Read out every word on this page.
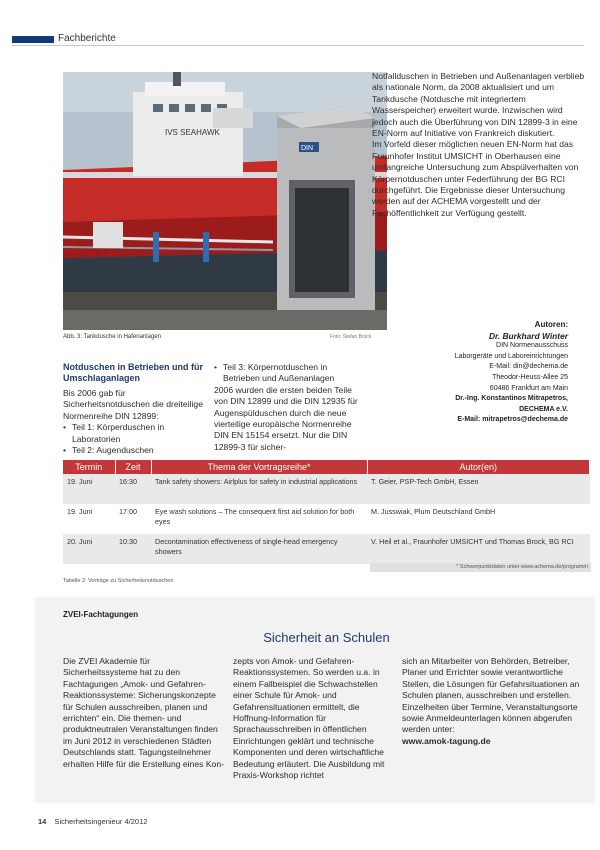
Fachberichte
IVS SEAHAWK
DIN
Abb. 3: Tankdusche in Hafenanlagen	Foto: Stefan Brück

Notfallduschen in Betrieben und Außenanlagen verblieb als nationale Norm, da 2008 aktualisiert und um Tankdusche (Notdusche mit integriertem Wasserspeicher) erweitert wurde. Inzwischen wird jedoch auch die Überführung von DIN 12899-3 in eine EN-Norm auf Initiative von Frankreich diskutiert.

Im Vorfeld dieser möglichen neuen EN-Norm hat das Fraunhofer Institut UMSICHT in Oberhausen eine umfangreiche Untersuchung zum Abspülverhalten von Körpernotduschen unter Federführung der BG RCI durchgeführt. Die Ergebnisse dieser Untersuchung werden auf der ACHEMA vorgestellt und der Fachöffentlichkeit zur Verfügung gestellt.

Autoren:
Dr. Burkhard Winter
DIN Normenausschuss
Laborgeräte und Laboreinrichtungen
E-Mail: din@dechema.de
Theodor-Heuss-Allee 25
60486 Frankfurt am Main
Dr.-Ing. Konstantinos Mitrapetros,
DECHEMA e.V.
E-Mail: mitrapetros@dechema.de
Notduschen in Betrieben und für Umschlaganlagen

Bis 2006 gab für Sicherheitsnotduschen die dreiteilige Normenreihe DIN 12899:

• Teil 1: Körperduschen in Laboratorien
• Teil 2: Augenduschen
• Teil 3: Körpernotduschen in Betrieben und Außenanlagen

2006 wurden die ersten beiden Teile von DIN 12899 und die DIN 12935 für Augenspülduschen durch die neue vierteilige europäische Normenreihe DIN EN 15154 ersetzt. Nur die DIN 12899-3 für sicher-

Termin	Zeit	Thema der Vortragsreihe*	Autor(en)
19. Juni	16:30	Tank safety showers: Airlplus for safety in industrial applications	T. Geier, PSP-Tech GmbH, Essen
19. Juni	17:00	Eye wash solutions – The consequent first aid solution for both eyes	M. Jusswiak, Plum Deutschland GmbH
20. Juni	10:30	Decontamination effectiveness of single-head emergency showers	V. Heil et al., Fraunhofer UMSICHT und Thomas Brock, BG RCI
* Schwerpunktdaten unter www.achema.de/programm
Tabelle 2: Vorträge zu Sicherheitsnotduschen
ZVEI-Fachtagungen
Sicherheit an Schulen

Die ZVEI Akademie für Sicherheitssysteme hat zu den Fachtagungen „Amok- und Gefahren-Reaktionssysteme: Sicherungskonzepte für Schulen ausschreiben, planen und errichten“ ein. Die themen- und produktneutralen Veranstaltungen finden im Juni 2012 in verschiedenen Städten Deutschlands statt. Tagungsteilnehmer erhalten Hilfe für die Erstellung eines Kon-

zepts von Amok- und Gefahren-Reaktionssystemen. So werden u.a. in einem Fallbeispiel die Schwachstellen einer Schule für Amok- und Gefahrensituationen ermittelt, die Hoffnung-Information für Sprachausschreiben in öffentlichen Einrichtungen geklärt und technische Komponenten und deren wirtschaftliche Bedeutung erläutert. Die Ausbildung mit Praxis-Workshop richtet

sich an Mitarbeiter von Behörden, Betreiber, Planer und Errichter sowie verantwortliche Stellen, die Lösungen für Gefahrsituationen an Schulen planen, ausschreiben und erstellen. Einzelheiten über Termine, Veranstaltungsorte sowie Anmeldeunterlagen können abgerufen werden unter:

www.amok-tagung.de

14 Sicherheitsingenieur 4/2012
